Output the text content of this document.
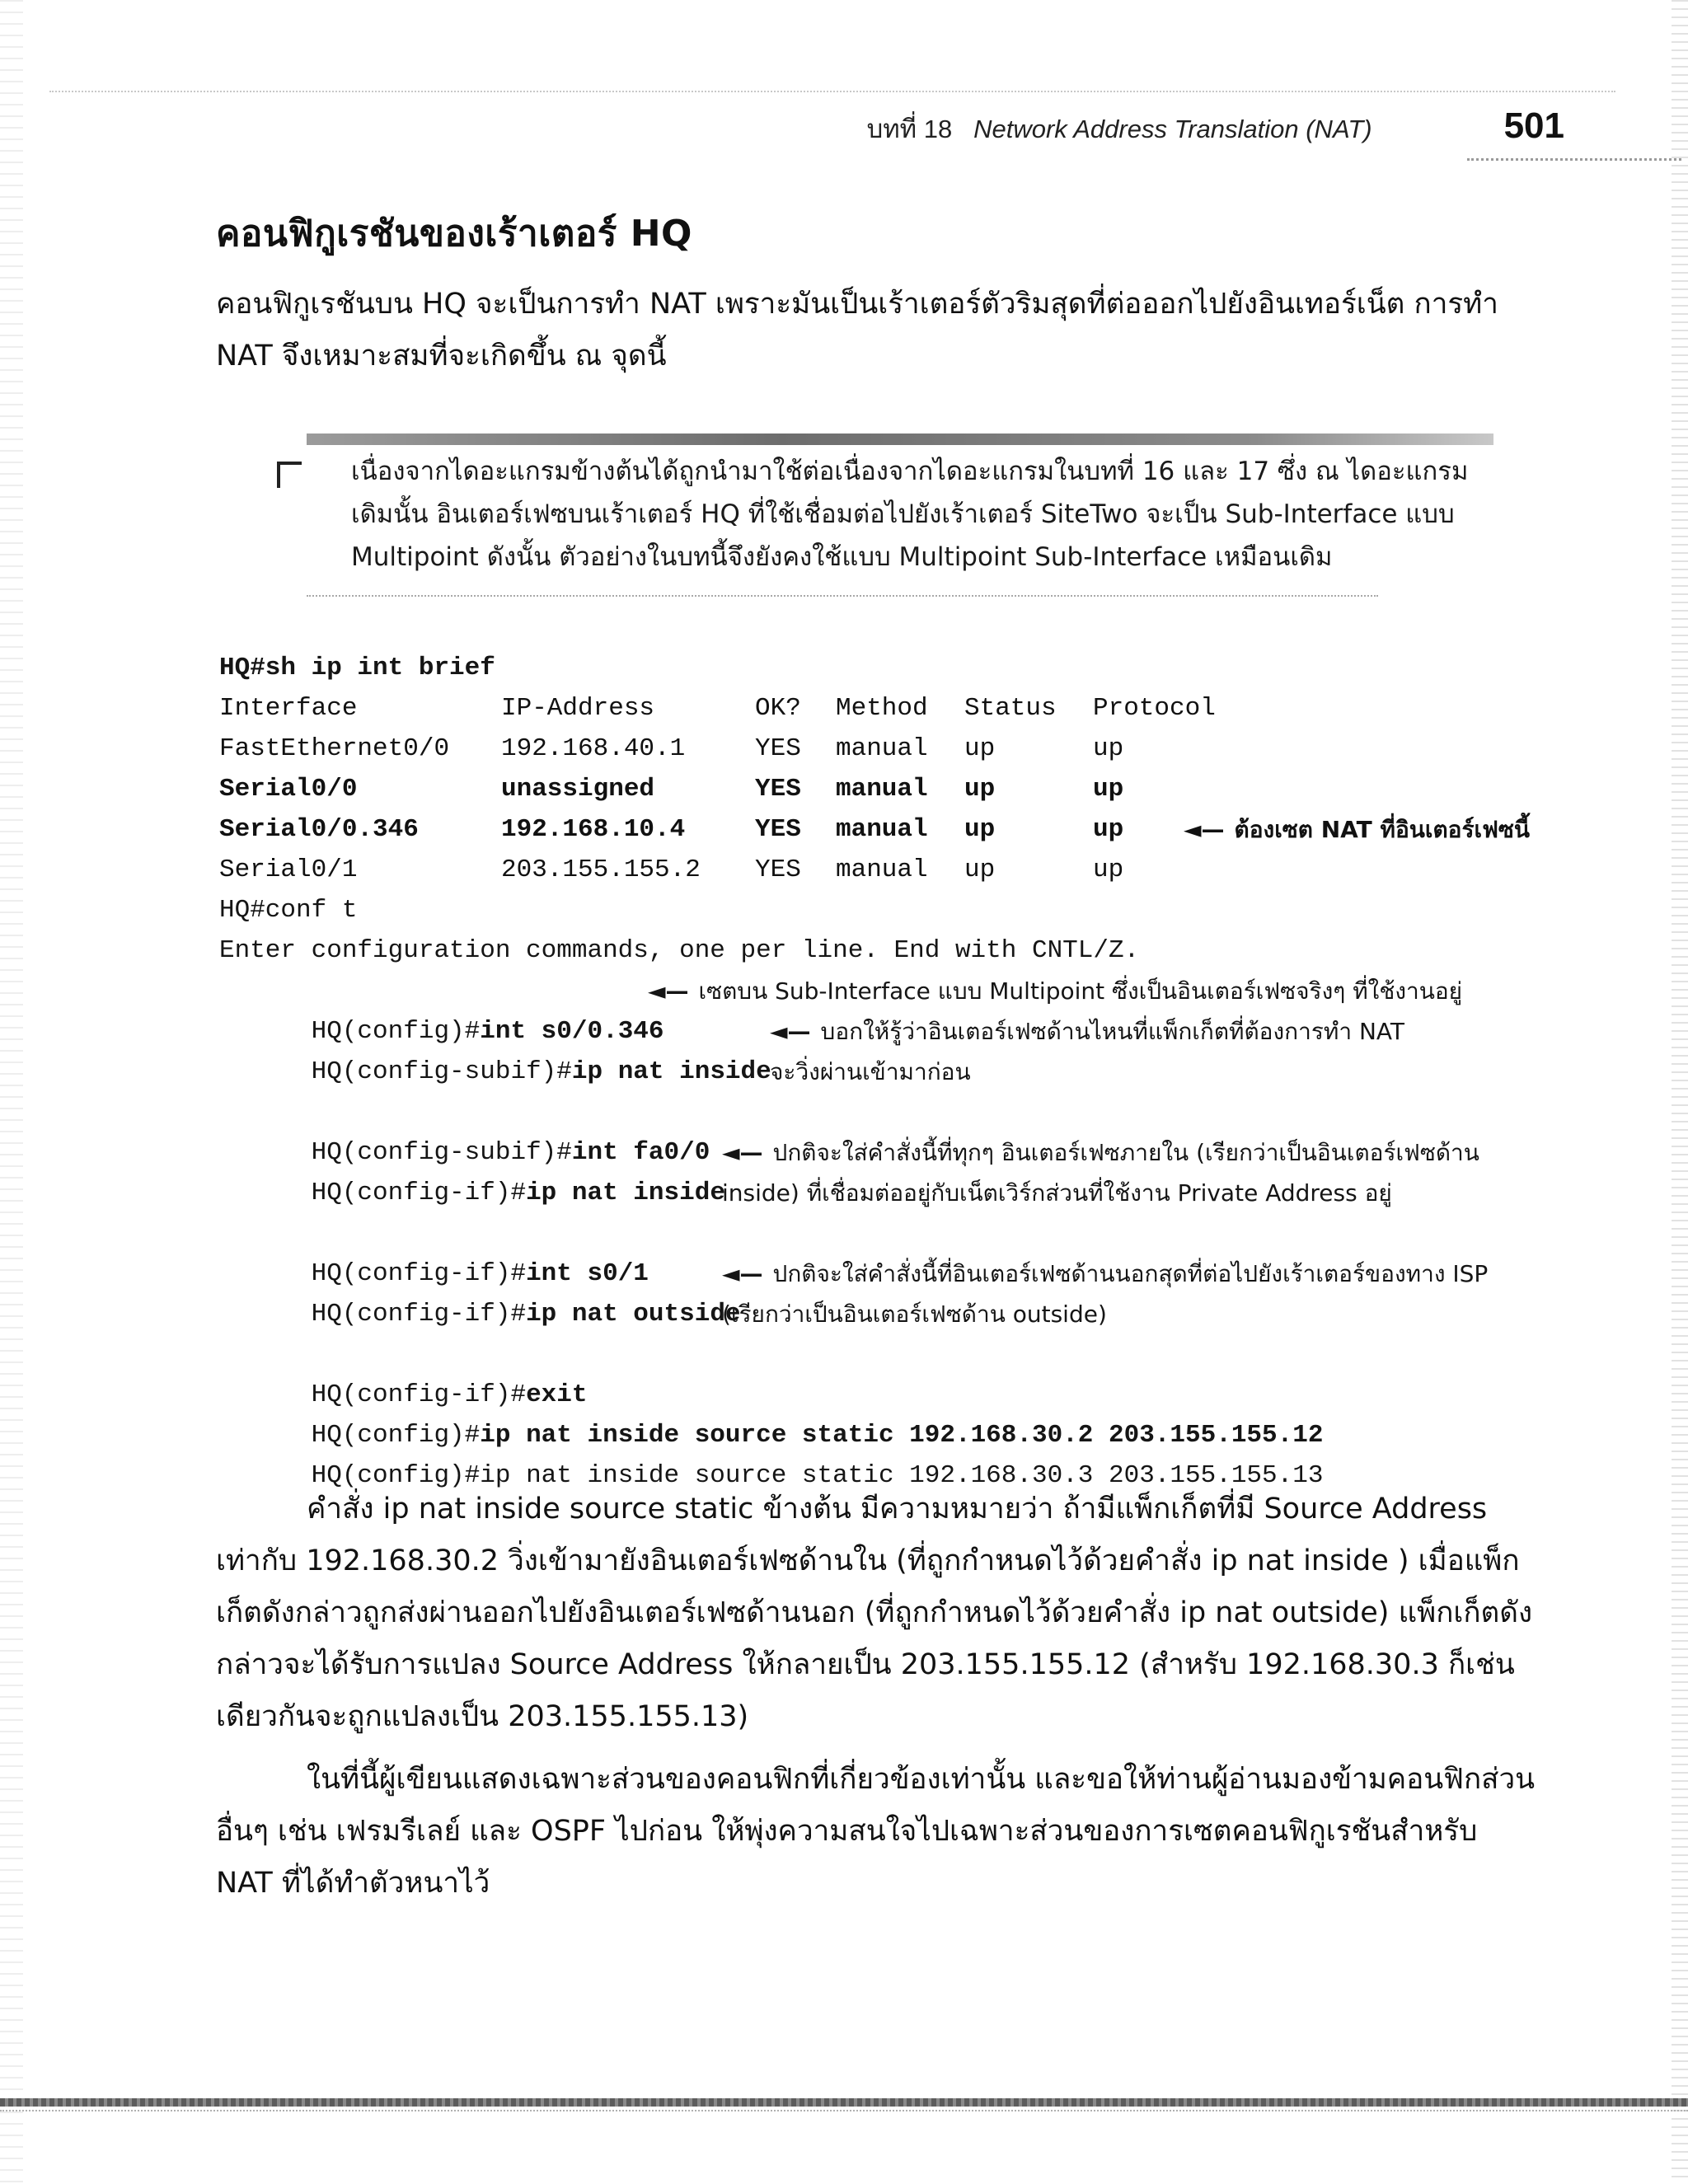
บทที่ 18 Network Address Translation (NAT)	501
คอนฟิกูเรชันของเร้าเตอร์ HQ

คอนฟิกูเรชันบน HQ จะเป็นการทำ NAT เพราะมันเป็นเร้าเตอร์ตัวริมสุดที่ต่อออกไปยังอินเทอร์เน็ต การทำ NAT จึงเหมาะสมที่จะเกิดขึ้น ณ จุดนี้

เนื่องจากไดอะแกรมข้างต้นได้ถูกนำมาใช้ต่อเนื่องจากไดอะแกรมในบทที่ 16 และ 17 ซึ่ง ณ ไดอะแกรมเดิมนั้น อินเตอร์เฟซบนเร้าเตอร์ HQ ที่ใช้เชื่อมต่อไปยังเร้าเตอร์ SiteTwo จะเป็น Sub-Interface แบบ Multipoint ดังนั้น ตัวอย่างในบทนี้จึงยังคงใช้แบบ Multipoint Sub-Interface เหมือนเดิม

HQ#sh ip int brief
Interface	IP-Address	OK?	Method	Status	Protocol
FastEthernet0/0	192.168.40.1	YES	manual	up	up
Serial0/0	unassigned	YES	manual	up	up
Serial0/0.346	192.168.10.4	YES	manual	up	up	◄— ต้องเซต NAT ที่อินเตอร์เฟซนี้
Serial0/1	203.155.155.2	YES	manual	up	up
HQ#conf t
Enter configuration commands, one per line. End with CNTL/Z.

HQ(config)#int s0/0.346

◄— เซตบน Sub-Interface แบบ Multipoint ซึ่งเป็นอินเตอร์เฟซจริงๆ ที่ใช้งานอยู่

HQ(config-subif)#ip nat inside

◄— บอกให้รู้ว่าอินเตอร์เฟซด้านไหนที่แพ็กเก็ตที่ต้องการทำ NAT จะวิ่งผ่านเข้ามาก่อน

HQ(config-subif)#int fa0/0

HQ(config-if)#ip nat inside

◄— ปกติจะใส่คำสั่งนี้ที่ทุกๆ อินเตอร์เฟซภายใน (เรียกว่าเป็นอินเตอร์เฟซด้าน inside) ที่เชื่อมต่ออยู่กับเน็ตเวิร์กส่วนที่ใช้งาน Private Address อยู่

HQ(config-if)#int s0/1

HQ(config-if)#ip nat outside

◄— ปกติจะใส่คำสั่งนี้ที่อินเตอร์เฟซด้านนอกสุดที่ต่อไปยังเร้าเตอร์ของทาง ISP (เรียกว่าเป็นอินเตอร์เฟซด้าน outside)

HQ(config-if)#exit

HQ(config)#ip nat inside source static 192.168.30.2 203.155.155.12

HQ(config)#ip nat inside source static 192.168.30.3 203.155.155.13

คำสั่ง ip nat inside source static ข้างต้น มีความหมายว่า ถ้ามีแพ็กเก็ตที่มี Source Address เท่ากับ 192.168.30.2 วิ่งเข้ามายังอินเตอร์เฟซด้านใน (ที่ถูกกำหนดไว้ด้วยคำสั่ง ip nat inside ) เมื่อแพ็กเก็ตดังกล่าวถูกส่งผ่านออกไปยังอินเตอร์เฟซด้านนอก (ที่ถูกกำหนดไว้ด้วยคำสั่ง ip nat outside) แพ็กเก็ตดังกล่าวจะได้รับการแปลง Source Address ให้กลายเป็น 203.155.155.12 (สำหรับ 192.168.30.3 ก็เช่นเดียวกันจะถูกแปลงเป็น 203.155.155.13)

ในที่นี้ผู้เขียนแสดงเฉพาะส่วนของคอนฟิกที่เกี่ยวข้องเท่านั้น และขอให้ท่านผู้อ่านมองข้ามคอนฟิกส่วนอื่นๆ เช่น เฟรมรีเลย์ และ OSPF ไปก่อน ให้พุ่งความสนใจไปเฉพาะส่วนของการเซตคอนฟิกูเรชันสำหรับ NAT ที่ได้ทำตัวหนาไว้
